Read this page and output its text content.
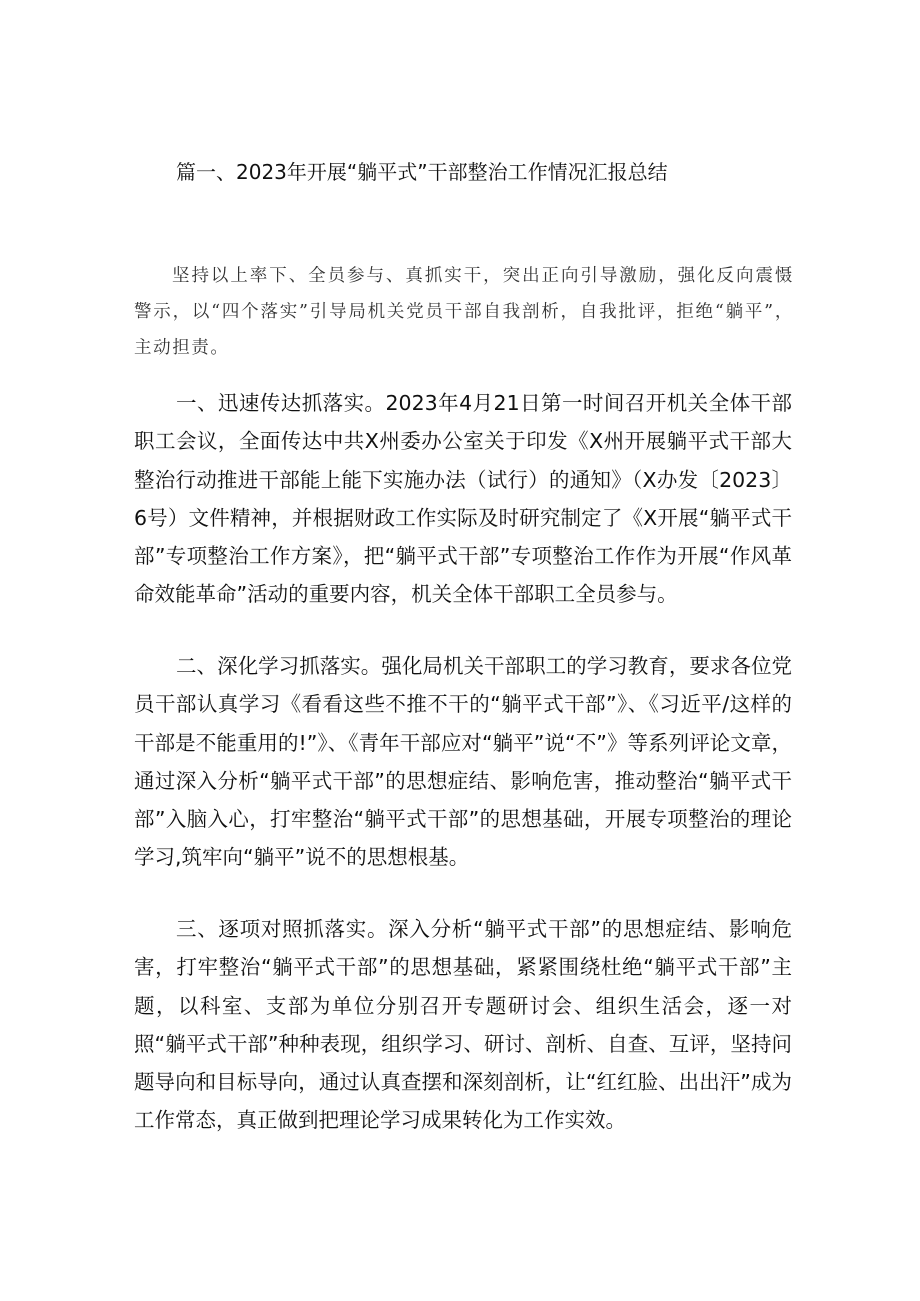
篇一、2023年开展“躺平式”干部整治工作情况汇报总结
坚持以上率下、全员参与、真抓实干，突出正向引导激励，强化反向震慑警示，以“四个落实”引导局机关党员干部自我剖析，自我批评，拒绝“躺平”，主动担责。
一、迅速传达抓落实。2023年4月21日第一时间召开机关全体干部职工会议，全面传达中共X州委办公室关于印发《X州开展躺平式干部大整治行动推进干部能上能下实施办法（试行）的通知》（X办发〔2023〕6号）文件精神，并根据财政工作实际及时研究制定了《X开展“躺平式干部”专项整治工作方案》，把“躺平式干部”专项整治工作作为开展“作风革命效能革命”活动的重要内容，机关全体干部职工全员参与。
二、深化学习抓落实。强化局机关干部职工的学习教育，要求各位党员干部认真学习《看看这些不推不干的“躺平式干部”》、《习近平/这样的干部是不能重用的!”》、《青年干部应对“躺平”说“不”》等系列评论文章，通过深入分析“躺平式干部”的思想症结、影响危害，推动整治“躺平式干部”入脑入心，打牢整治“躺平式干部”的思想基础，开展专项整治的理论学习,筑牢向“躺平”说不的思想根基。
三、逐项对照抓落实。深入分析“躺平式干部”的思想症结、影响危害，打牢整治“躺平式干部”的思想基础，紧紧围绕杜绝“躺平式干部”主题，以科室、支部为单位分别召开专题研讨会、组织生活会，逐一对照“躺平式干部”种种表现，组织学习、研讨、剖析、自查、互评，坚持问题导向和目标导向，通过认真查摆和深刻剖析，让“红红脸、出出汗”成为工作常态，真正做到把理论学习成果转化为工作实效。
